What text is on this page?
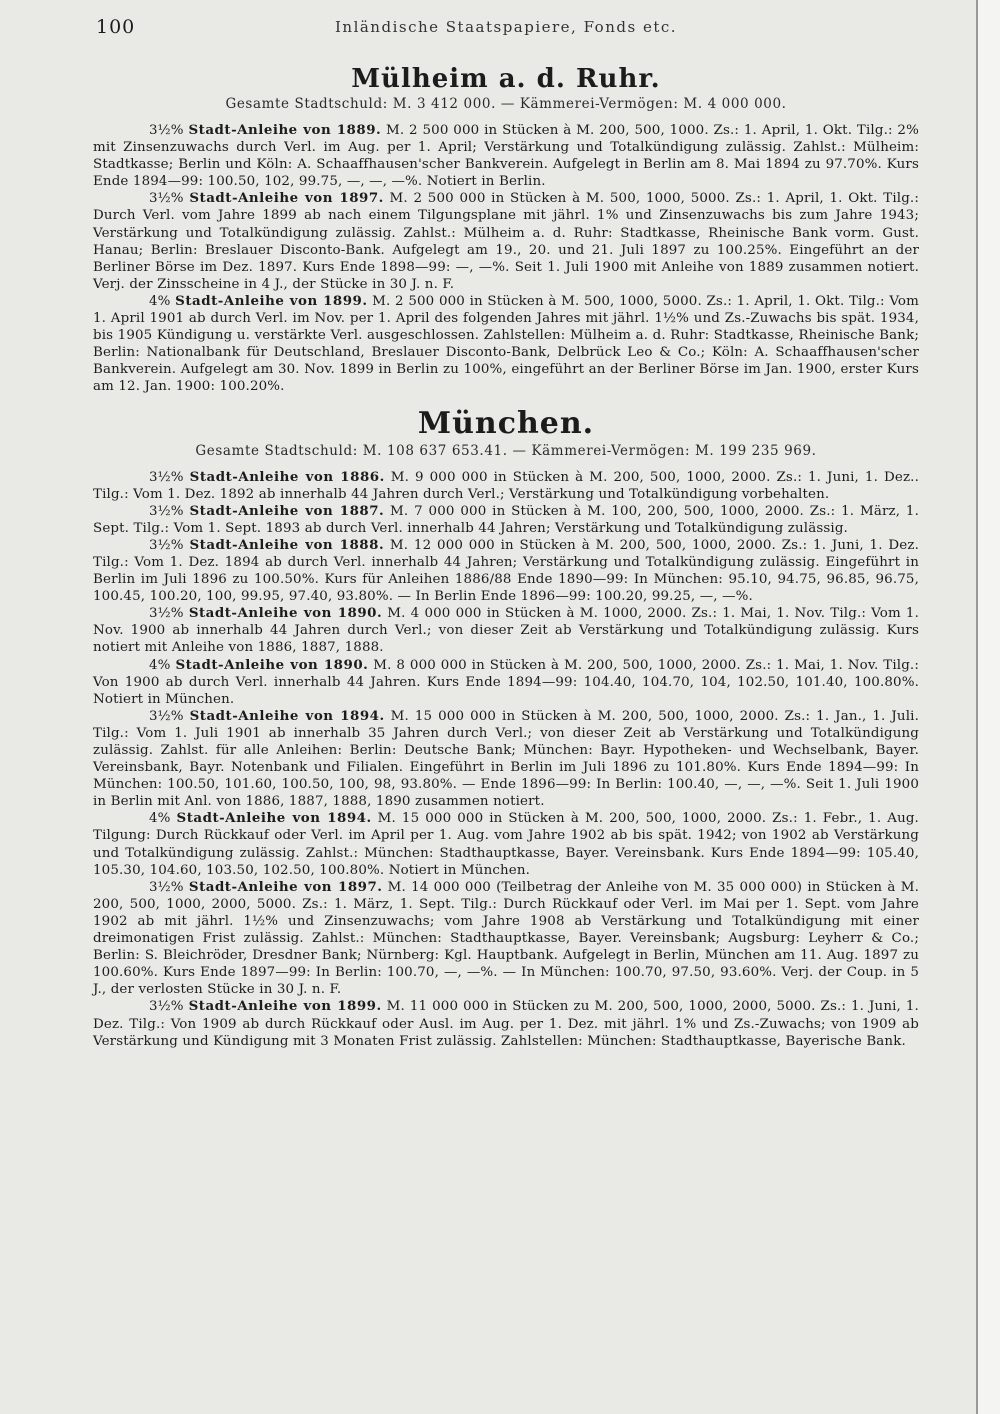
100	Inländische Staatspapiere, Fonds etc.
Mülheim a. d. Ruhr.
Gesamte Stadtschuld: M. 3 412 000. — Kämmerei-Vermögen: M. 4 000 000.

3½% Stadt-Anleihe von 1889. M. 2 500 000 in Stücken à M. 200, 500, 1000. Zs.: 1. April, 1. Okt. Tilg.: 2% mit Zinsenzuwachs durch Verl. im Aug. per 1. April; Verstärkung und Totalkündigung zulässig. Zahlst.: Mülheim: Stadtkasse; Berlin und Köln: A. Schaaffhausen'scher Bankverein. Aufgelegt in Berlin am 8. Mai 1894 zu 97.70%. Kurs Ende 1894—99: 100.50, 102, 99.75, —, —, —%. Notiert in Berlin.

3½% Stadt-Anleihe von 1897. M. 2 500 000 in Stücken à M. 500, 1000, 5000. Zs.: 1. April, 1. Okt. Tilg.: Durch Verl. vom Jahre 1899 ab nach einem Tilgungsplane mit jährl. 1% und Zinsenzuwachs bis zum Jahre 1943; Verstärkung und Totalkündigung zulässig. Zahlst.: Mülheim a. d. Ruhr: Stadtkasse, Rheinische Bank vorm. Gust. Hanau; Berlin: Breslauer Disconto-Bank. Aufgelegt am 19., 20. und 21. Juli 1897 zu 100.25%. Eingeführt an der Berliner Börse im Dez. 1897. Kurs Ende 1898—99: —, —%. Seit 1. Juli 1900 mit Anleihe von 1889 zusammen notiert. Verj. der Zinsscheine in 4 J., der Stücke in 30 J. n. F.

4% Stadt-Anleihe von 1899. M. 2 500 000 in Stücken à M. 500, 1000, 5000. Zs.: 1. April, 1. Okt. Tilg.: Vom 1. April 1901 ab durch Verl. im Nov. per 1. April des folgenden Jahres mit jährl. 1½% und Zs.-Zuwachs bis spät. 1934, bis 1905 Kündigung u. verstärkte Verl. ausgeschlossen. Zahlstellen: Mülheim a. d. Ruhr: Stadtkasse, Rheinische Bank; Berlin: Nationalbank für Deutschland, Breslauer Disconto-Bank, Delbrück Leo & Co.; Köln: A. Schaaffhausen'scher Bankverein. Aufgelegt am 30. Nov. 1899 in Berlin zu 100%, eingeführt an der Berliner Börse im Jan. 1900, erster Kurs am 12. Jan. 1900: 100.20%.

München.
Gesamte Stadtschuld: M. 108 637 653.41. — Kämmerei-Vermögen: M. 199 235 969.

3½% Stadt-Anleihe von 1886. M. 9 000 000 in Stücken à M. 200, 500, 1000, 2000. Zs.: 1. Juni, 1. Dez.. Tilg.: Vom 1. Dez. 1892 ab innerhalb 44 Jahren durch Verl.; Verstärkung und Totalkündigung vorbehalten.

3½% Stadt-Anleihe von 1887. M. 7 000 000 in Stücken à M. 100, 200, 500, 1000, 2000. Zs.: 1. März, 1. Sept. Tilg.: Vom 1. Sept. 1893 ab durch Verl. innerhalb 44 Jahren; Verstärkung und Totalkündigung zulässig.

3½% Stadt-Anleihe von 1888. M. 12 000 000 in Stücken à M. 200, 500, 1000, 2000. Zs.: 1. Juni, 1. Dez. Tilg.: Vom 1. Dez. 1894 ab durch Verl. innerhalb 44 Jahren; Verstärkung und Totalkündigung zulässig. Eingeführt in Berlin im Juli 1896 zu 100.50%. Kurs für Anleihen 1886/88 Ende 1890—99: In München: 95.10, 94.75, 96.85, 96.75, 100.45, 100.20, 100, 99.95, 97.40, 93.80%. — In Berlin Ende 1896—99: 100.20, 99.25, —, —%.

3½% Stadt-Anleihe von 1890. M. 4 000 000 in Stücken à M. 1000, 2000. Zs.: 1. Mai, 1. Nov. Tilg.: Vom 1. Nov. 1900 ab innerhalb 44 Jahren durch Verl.; von dieser Zeit ab Verstärkung und Totalkündigung zulässig. Kurs notiert mit Anleihe von 1886, 1887, 1888.

4% Stadt-Anleihe von 1890. M. 8 000 000 in Stücken à M. 200, 500, 1000, 2000. Zs.: 1. Mai, 1. Nov. Tilg.: Von 1900 ab durch Verl. innerhalb 44 Jahren. Kurs Ende 1894—99: 104.40, 104.70, 104, 102.50, 101.40, 100.80%. Notiert in München.

3½% Stadt-Anleihe von 1894. M. 15 000 000 in Stücken à M. 200, 500, 1000, 2000. Zs.: 1. Jan., 1. Juli. Tilg.: Vom 1. Juli 1901 ab innerhalb 35 Jahren durch Verl.; von dieser Zeit ab Verstärkung und Totalkündigung zulässig. Zahlst. für alle Anleihen: Berlin: Deutsche Bank; München: Bayr. Hypotheken- und Wechselbank, Bayer. Vereinsbank, Bayr. Notenbank und Filialen. Eingeführt in Berlin im Juli 1896 zu 101.80%. Kurs Ende 1894—99: In München: 100.50, 101.60, 100.50, 100, 98, 93.80%. — Ende 1896—99: In Berlin: 100.40, —, —, —%. Seit 1. Juli 1900 in Berlin mit Anl. von 1886, 1887, 1888, 1890 zusammen notiert.

4% Stadt-Anleihe von 1894. M. 15 000 000 in Stücken à M. 200, 500, 1000, 2000. Zs.: 1. Febr., 1. Aug. Tilgung: Durch Rückkauf oder Verl. im April per 1. Aug. vom Jahre 1902 ab bis spät. 1942; von 1902 ab Verstärkung und Totalkündigung zulässig. Zahlst.: München: Stadthauptkasse, Bayer. Vereinsbank. Kurs Ende 1894—99: 105.40, 105.30, 104.60, 103.50, 102.50, 100.80%. Notiert in München.

3½% Stadt-Anleihe von 1897. M. 14 000 000 (Teilbetrag der Anleihe von M. 35 000 000) in Stücken à M. 200, 500, 1000, 2000, 5000. Zs.: 1. März, 1. Sept. Tilg.: Durch Rückkauf oder Verl. im Mai per 1. Sept. vom Jahre 1902 ab mit jährl. 1½% und Zinsenzuwachs; vom Jahre 1908 ab Verstärkung und Totalkündigung mit einer dreimonatigen Frist zulässig. Zahlst.: München: Stadthauptkasse, Bayer. Vereinsbank; Augsburg: Leyherr & Co.; Berlin: S. Bleichröder, Dresdner Bank; Nürnberg: Kgl. Hauptbank. Aufgelegt in Berlin, München am 11. Aug. 1897 zu 100.60%. Kurs Ende 1897—99: In Berlin: 100.70, —, —%. — In München: 100.70, 97.50, 93.60%. Verj. der Coup. in 5 J., der verlosten Stücke in 30 J. n. F.

3½% Stadt-Anleihe von 1899. M. 11 000 000 in Stücken zu M. 200, 500, 1000, 2000, 5000. Zs.: 1. Juni, 1. Dez. Tilg.: Von 1909 ab durch Rückkauf oder Ausl. im Aug. per 1. Dez. mit jährl. 1% und Zs.-Zuwachs; von 1909 ab Verstärkung und Kündigung mit 3 Monaten Frist zulässig. Zahlstellen: München: Stadthauptkasse, Bayerische Bank.
